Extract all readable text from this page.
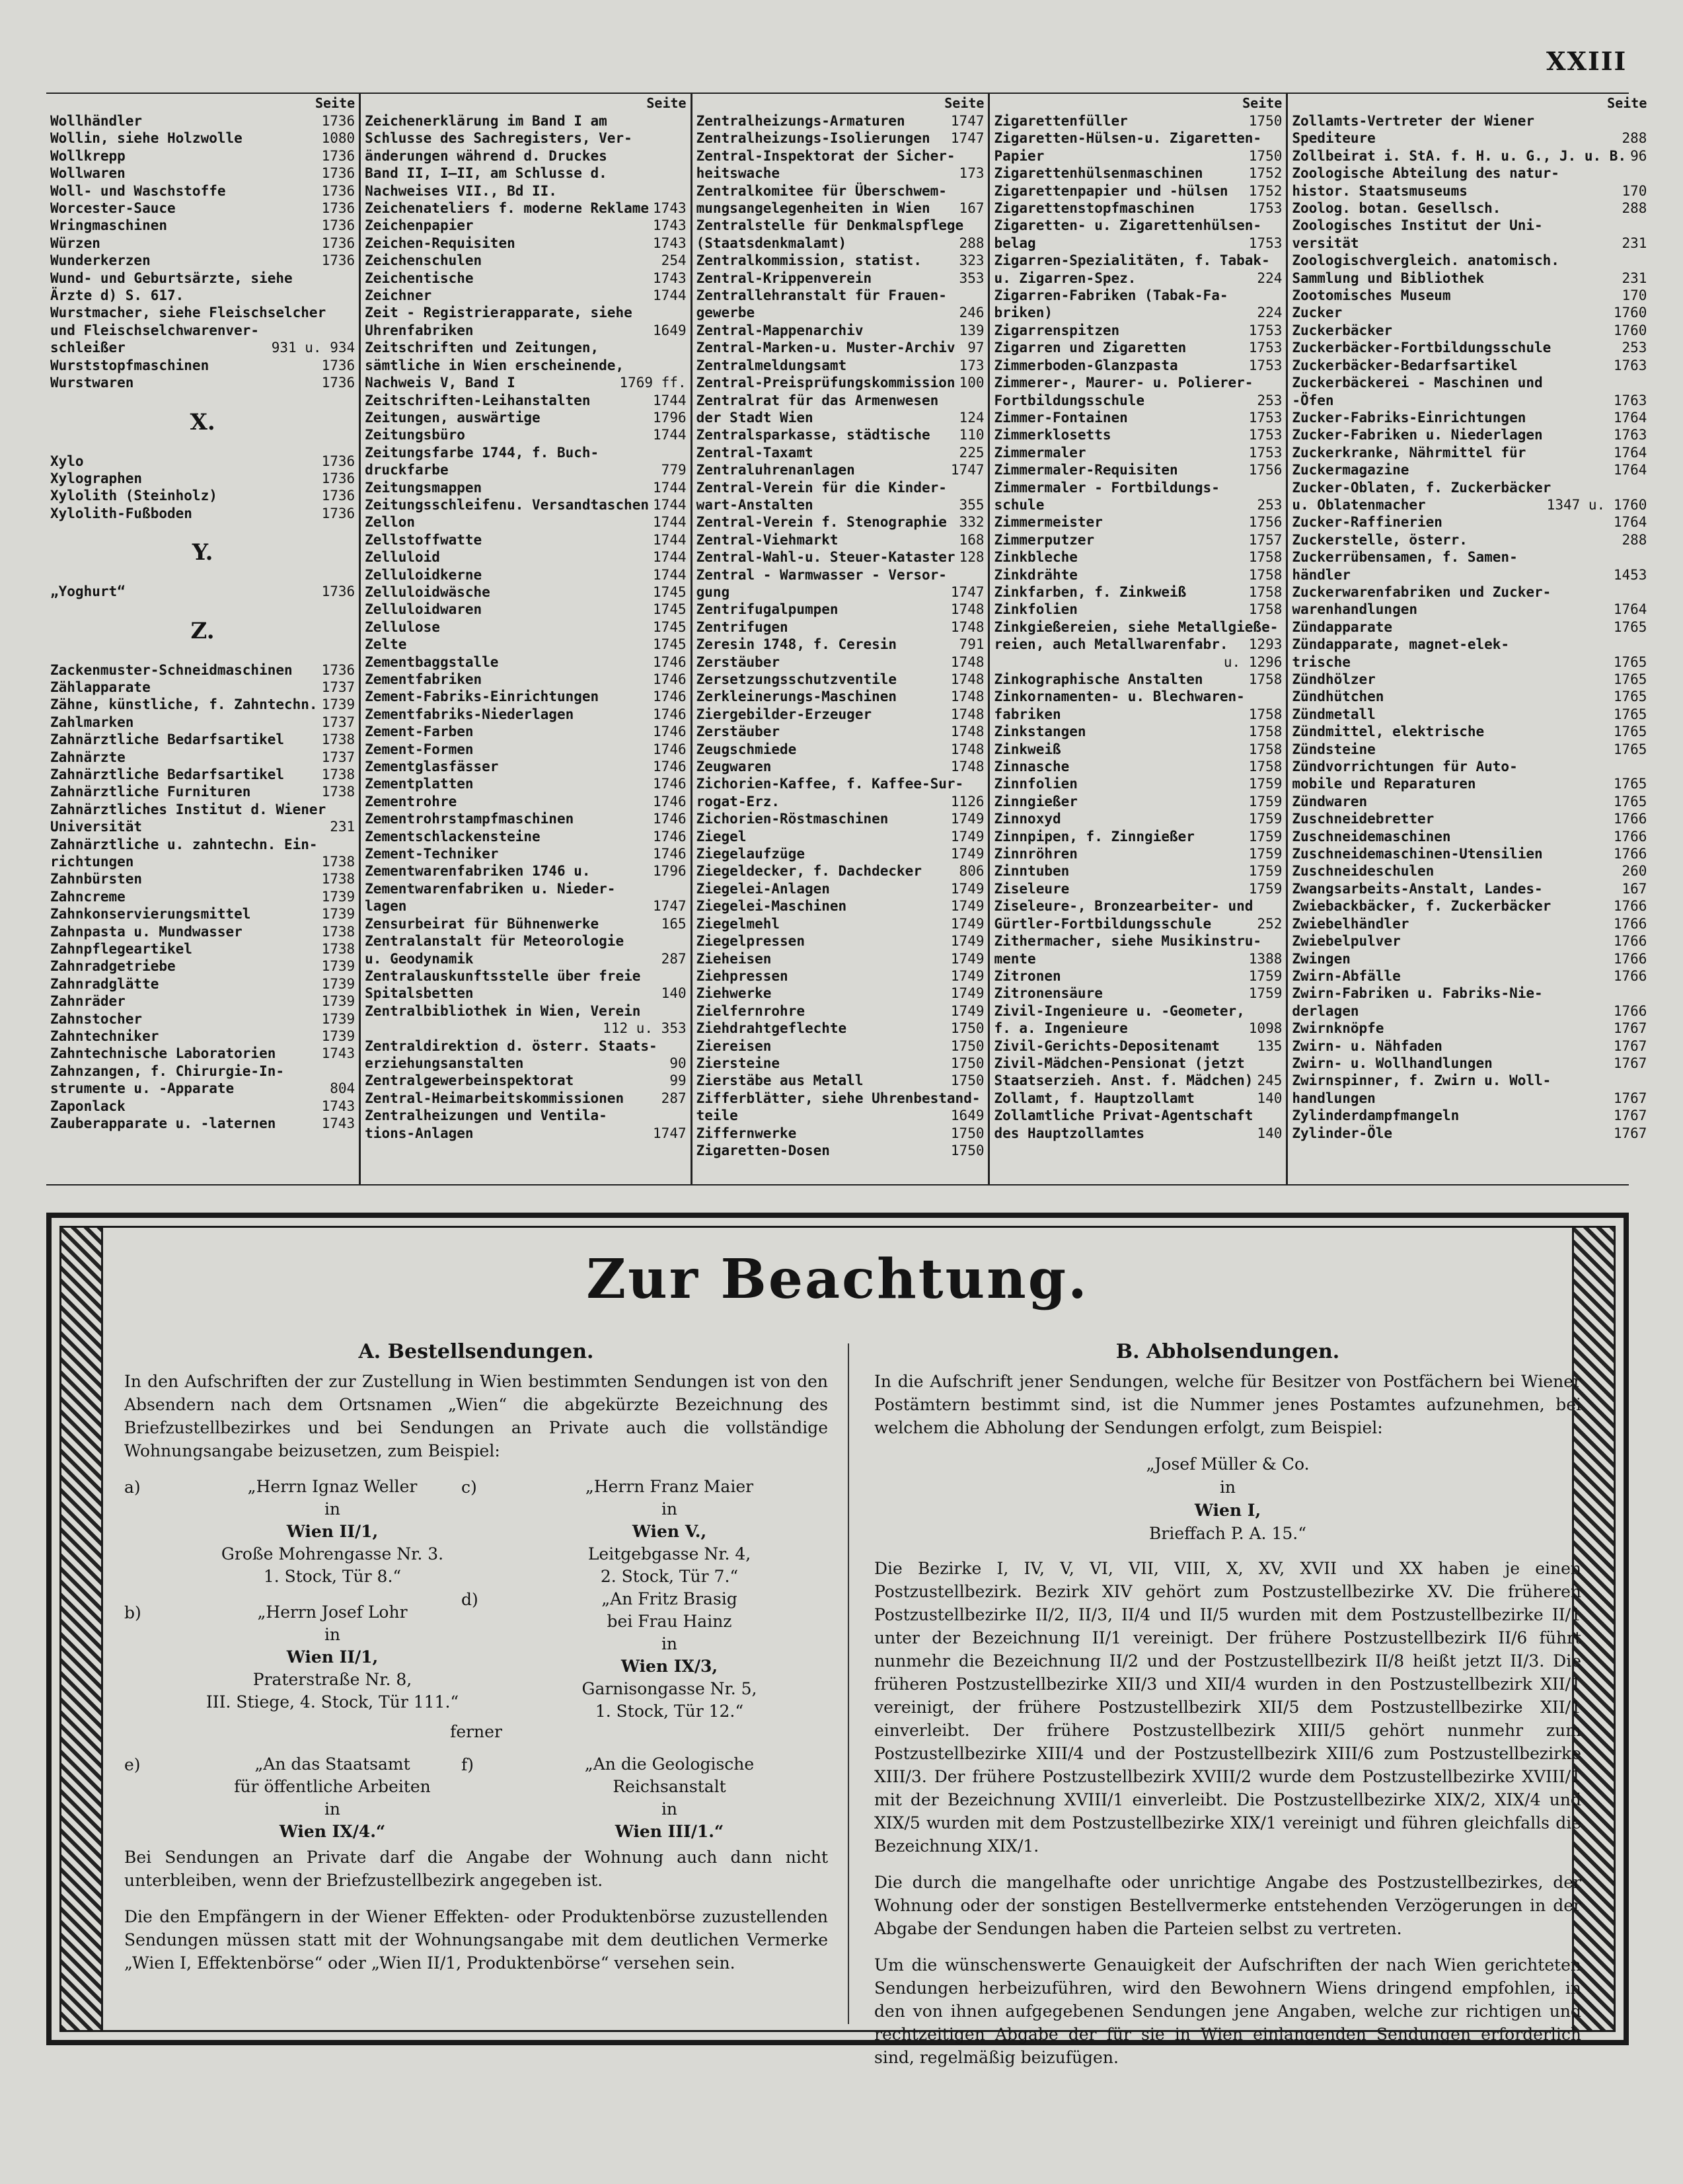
XXIII
Seite
Wollhändler	1736
Wollin, siehe Holzwolle	1080
Wollkrepp	1736
Wollwaren	1736
Woll- und Waschstoffe	1736
Worcester-Sauce	1736
Wringmaschinen	1736
Würzen	1736
Wunderkerzen	1736
Wund- und Geburtsärzte, siehe
Ärzte d) S. 617.
Wurstmacher, siehe Fleischselcher
und Fleischselchwarenver-
schleißer	931 u. 934
Wurststopfmaschinen	1736
Wurstwaren	1736
X.
Xylo	1736
Xylographen	1736
Xylolith (Steinholz)	1736
Xylolith-Fußboden	1736
Y.
„Yoghurt“	1736
Z.
Zackenmuster-Schneidmaschinen	1736
Zählapparate	1737
Zähne, künstliche, f. Zahntechn. 1739
Zahlmarken	1737
Zahnärztliche Bedarfsartikel	1738
Zahnärzte	1737
Zahnärztliche Bedarfsartikel	1738
Zahnärztliche Furnituren	1738
Zahnärztliches Institut d. Wiener
Universität	231
Zahnärztliche u. zahntechn. Ein-
richtungen	1738
Zahnbürsten	1738
Zahncreme	1739
Zahnkonservierungsmittel	1739
Zahnpasta u. Mundwasser	1738
Zahnpflegeartikel	1738
Zahnradgetriebe	1739
Zahnradglätte	1739
Zahnräder	1739
Zahnstocher	1739
Zahntechniker	1739
Zahntechnische Laboratorien	1743
Zahnzangen, f. Chirurgie-In-
strumente u. -Apparate	804
Zaponlack	1743
Zauberapparate u. -laternen	1743
Seite
Zeichenerklärung im Band I am
Schlusse des Sachregisters, Ver-
änderungen während d. Druckes
Band II, I–II, am Schlusse d.
Nachweises VII., Bd II.
Zeichenateliers f. moderne Reklame 1743
Zeichenpapier	1743
Zeichen-Requisiten	1743
Zeichenschulen	254
Zeichentische	1743
Zeichner	1744
Zeit - Registrierapparate, siehe
Uhrenfabriken	1649
Zeitschriften und Zeitungen,
sämtliche in Wien erscheinende,
Nachweis V, Band I	1769 ff.
Zeitschriften-Leihanstalten	1744
Zeitungen, auswärtige	1796
Zeitungsbüro	1744
Zeitungsfarbe 1744, f. Buch-
druckfarbe	779
Zeitungsmappen	1744
Zeitungsschleifenu. Versandtaschen 1744
Zellon	1744
Zellstoffwatte	1744
Zelluloid	1744
Zelluloidkerne	1744
Zelluloidwäsche	1745
Zelluloidwaren	1745
Zellulose	1745
Zelte	1745
Zementbaggstalle	1746
Zementfabriken	1746
Zement-Fabriks-Einrichtungen	1746
Zementfabriks-Niederlagen	1746
Zement-Farben	1746
Zement-Formen	1746
Zementglasfässer	1746
Zementplatten	1746
Zementrohre	1746
Zementrohrstampfmaschinen	1746
Zementschlackensteine	1746
Zement-Techniker	1746
Zementwarenfabriken 1746 u.	1796
Zementwarenfabriken u. Nieder-
lagen	1747
Zensurbeirat für Bühnenwerke	165
Zentralanstalt für Meteorologie
u. Geodynamik	287
Zentralauskunftsstelle über freie
Spitalsbetten	140
Zentralbibliothek in Wien, Verein
112 u. 353
Zentraldirektion d. österr. Staats-
erziehungsanstalten	90
Zentralgewerbeinspektorat	99
Zentral-Heimarbeitskommissionen	287
Zentralheizungen und Ventila-
tions-Anlagen	1747
Seite
Zentralheizungs-Armaturen	1747
Zentralheizungs-Isolierungen	1747
Zentral-Inspektorat der Sicher-
heitswache	173
Zentralkomitee für Überschwem-
mungsangelegenheiten in Wien	167
Zentralstelle für Denkmalspflege
(Staatsdenkmalamt)	288
Zentralkommission, statist.	323
Zentral-Krippenverein	353
Zentrallehranstalt für Frauen-
gewerbe	246
Zentral-Mappenarchiv	139
Zentral-Marken-u. Muster-Archiv 97
Zentralmeldungsamt	173
Zentral-Preisprüfungskommission 100
Zentralrat für das Armenwesen
der Stadt Wien	124
Zentralsparkasse, städtische	110
Zentral-Taxamt	225
Zentraluhrenanlagen	1747
Zentral-Verein für die Kinder-
wart-Anstalten	355
Zentral-Verein f. Stenographie 332
Zentral-Viehmarkt	168
Zentral-Wahl-u. Steuer-Kataster 128
Zentral - Warmwasser - Versor-
gung	1747
Zentrifugalpumpen	1748
Zentrifugen	1748
Zeresin 1748, f. Ceresin	791
Zerstäuber	1748
Zersetzungsschutzventile	1748
Zerkleinerungs-Maschinen	1748
Ziergebilder-Erzeuger	1748
Zerstäuber	1748
Zeugschmiede	1748
Zeugwaren	1748
Zichorien-Kaffee, f. Kaffee-Sur-
rogat-Erz.	1126
Zichorien-Röstmaschinen	1749
Ziegel	1749
Ziegelaufzüge	1749
Ziegeldecker, f. Dachdecker	806
Ziegelei-Anlagen	1749
Ziegelei-Maschinen	1749
Ziegelmehl	1749
Ziegelpressen	1749
Zieheisen	1749
Ziehpressen	1749
Ziehwerke	1749
Zielfernrohre	1749
Ziehdrahtgeflechte	1750
Ziereisen	1750
Ziersteine	1750
Zierstäbe aus Metall	1750
Zifferblätter, siehe Uhrenbestand-
teile	1649
Ziffernwerke	1750
Zigaretten-Dosen	1750
Seite
Zigarettenfüller	1750
Zigaretten-Hülsen-u. Zigaretten-
Papier	1750
Zigarettenhülsenmaschinen	1752
Zigarettenpapier und -hülsen	1752
Zigarettenstopfmaschinen	1753
Zigaretten- u. Zigarettenhülsen-
belag	1753
Zigarren-Spezialitäten, f. Tabak-
u. Zigarren-Spez.	224
Zigarren-Fabriken (Tabak-Fa-
briken)	224
Zigarrenspitzen	1753
Zigarren und Zigaretten	1753
Zimmerboden-Glanzpasta	1753
Zimmerer-, Maurer- u. Polierer-
Fortbildungsschule	253
Zimmer-Fontainen	1753
Zimmerklosetts	1753
Zimmermaler	1753
Zimmermaler-Requisiten	1756
Zimmermaler - Fortbildungs-
schule	253
Zimmermeister	1756
Zimmerputzer	1757
Zinkbleche	1758
Zinkdrähte	1758
Zinkfarben, f. Zinkweiß	1758
Zinkfolien	1758
Zinkgießereien, siehe Metallgieße-
reien, auch Metallwarenfabr.	1293
u. 1296
Zinkographische Anstalten	1758
Zinkornamenten- u. Blechwaren-
fabriken	1758
Zinkstangen	1758
Zinkweiß	1758
Zinnasche	1758
Zinnfolien	1759
Zinngießer	1759
Zinnoxyd	1759
Zinnpipen, f. Zinngießer	1759
Zinnröhren	1759
Zinntuben	1759
Ziseleure	1759
Ziseleure-, Bronzearbeiter- und
Gürtler-Fortbildungsschule	252
Zithermacher, siehe Musikinstru-
mente	1388
Zitronen	1759
Zitronensäure	1759
Zivil-Ingenieure u. -Geometer,
f. a. Ingenieure	1098
Zivil-Gerichts-Depositenamt	135
Zivil-Mädchen-Pensionat (jetzt
Staatserzieh. Anst. f. Mädchen) 245
Zollamt, f. Hauptzollamt	140
Zollamtliche Privat-Agentschaft
des Hauptzollamtes	140
Seite
Zollamts-Vertreter der Wiener
Spediteure	288
Zollbeirat i. StA. f. H. u. G., J. u. B. 96
Zoologische Abteilung des natur-
histor. Staatsmuseums	170
Zoolog. botan. Gesellsch.	288
Zoologisches Institut der Uni-
versität	231
Zoologischvergleich. anatomisch.
Sammlung und Bibliothek	231
Zootomisches Museum	170
Zucker	1760
Zuckerbäcker	1760
Zuckerbäcker-Fortbildungsschule	253
Zuckerbäcker-Bedarfsartikel	1763
Zuckerbäckerei - Maschinen und
-Öfen	1763
Zucker-Fabriks-Einrichtungen	1764
Zucker-Fabriken u. Niederlagen	1763
Zuckerkranke, Nährmittel für	1764
Zuckermagazine	1764
Zucker-Oblaten, f. Zuckerbäcker
u. Oblatenmacher	1347 u. 1760
Zucker-Raffinerien	1764
Zuckerstelle, österr.	288
Zuckerrübensamen, f. Samen-
händler	1453
Zuckerwarenfabriken und Zucker-
warenhandlungen	1764
Zündapparate	1765
Zündapparate, magnet-elek-
trische	1765
Zündhölzer	1765
Zündhütchen	1765
Zündmetall	1765
Zündmittel, elektrische	1765
Zündsteine	1765
Zündvorrichtungen für Auto-
mobile und Reparaturen	1765
Zündwaren	1765
Zuschneidebretter	1766
Zuschneidemaschinen	1766
Zuschneidemaschinen-Utensilien	1766
Zuschneideschulen	260
Zwangsarbeits-Anstalt, Landes-	167
Zwiebackbäcker, f. Zuckerbäcker	1766
Zwiebelhändler	1766
Zwiebelpulver	1766
Zwingen	1766
Zwirn-Abfälle	1766
Zwirn-Fabriken u. Fabriks-Nie-
derlagen	1766
Zwirnknöpfe	1767
Zwirn- u. Nähfaden	1767
Zwirn- u. Wollhandlungen	1767
Zwirnspinner, f. Zwirn u. Woll-
handlungen	1767
Zylinderdampfmangeln	1767
Zylinder-Öle	1767
Zur Beachtung.
A. Bestellsendungen.

In den Aufschriften der zur Zustellung in Wien bestimmten Sendungen ist von den Absendern nach dem Ortsnamen „Wien“ die abgekürzte Bezeichnung des Briefzustellbezirkes und bei Sendungen an Private auch die vollständige Wohnungsangabe beizusetzen, zum Beispiel:

a)	„Herrn Ignaz Weller
in
Wien II/1,
Große Mohrengasse Nr. 3.
1. Stock, Tür 8.“
c)	„Herrn Franz Maier
in
Wien V.,
Leitgebgasse Nr. 4,
2. Stock, Tür 7.“
b)	„Herrn Josef Lohr
in
Wien II/1,
Praterstraße Nr. 8,
III. Stiege, 4. Stock, Tür 111.“
d)	„An Fritz Brasig
bei Frau Hainz
in
Wien IX/3,
Garnisongasse Nr. 5,
1. Stock, Tür 12.“
ferner
e)	„An das Staatsamt
für öffentliche Arbeiten
in
Wien IX/4.“
f)	„An die Geologische
Reichsanstalt
in
Wien III/1.“

Bei Sendungen an Private darf die Angabe der Wohnung auch dann nicht unterbleiben, wenn der Briefzustellbezirk angegeben ist.

Die den Empfängern in der Wiener Effekten- oder Produktenbörse zuzustellenden Sendungen müssen statt mit der Wohnungsangabe mit dem deutlichen Vermerke „Wien I, Effektenbörse“ oder „Wien II/1, Produktenbörse“ versehen sein.

B. Abholsendungen.

In die Aufschrift jener Sendungen, welche für Besitzer von Postfächern bei Wiener Postämtern bestimmt sind, ist die Nummer jenes Postamtes aufzunehmen, bei welchem die Abholung der Sendungen erfolgt, zum Beispiel:

„Josef Müller & Co.
in
Wien I,
Brieffach P. A. 15.“

Die Bezirke I, IV, V, VI, VII, VIII, X, XV, XVII und XX haben je einen Postzustellbezirk. Bezirk XIV gehört zum Postzustellbezirke XV. Die früheren Postzustellbezirke II/2, II/3, II/4 und II/5 wurden mit dem Postzustellbezirke II/1 unter der Bezeichnung II/1 vereinigt. Der frühere Postzustellbezirk II/6 führt nunmehr die Bezeichnung II/2 und der Postzustellbezirk II/8 heißt jetzt II/3. Die früheren Postzustellbezirke XII/3 und XII/4 wurden in den Postzustellbezirk XII/1 vereinigt, der frühere Postzustellbezirk XII/5 dem Postzustellbezirke XII/1 einverleibt. Der frühere Postzustellbezirk XIII/5 gehört nunmehr zum Postzustellbezirke XIII/4 und der Postzustellbezirk XIII/6 zum Postzustellbezirke XIII/3. Der frühere Postzustellbezirk XVIII/2 wurde dem Postzustellbezirke XVIII/1 mit der Bezeichnung XVIII/1 einverleibt. Die Postzustellbezirke XIX/2, XIX/4 und XIX/5 wurden mit dem Postzustellbezirke XIX/1 vereinigt und führen gleichfalls die Bezeichnung XIX/1.

Die durch die mangelhafte oder unrichtige Angabe des Postzustellbezirkes, der Wohnung oder der sonstigen Bestellvermerke entstehenden Verzögerungen in der Abgabe der Sendungen haben die Parteien selbst zu vertreten.

Um die wünschenswerte Genauigkeit der Aufschriften der nach Wien gerichteten Sendungen herbeizuführen, wird den Bewohnern Wiens dringend empfohlen, in den von ihnen aufgegebenen Sendungen jene Angaben, welche zur richtigen und rechtzeitigen Abgabe der für sie in Wien einlangenden Sendungen erforderlich sind, regelmäßig beizufügen.
